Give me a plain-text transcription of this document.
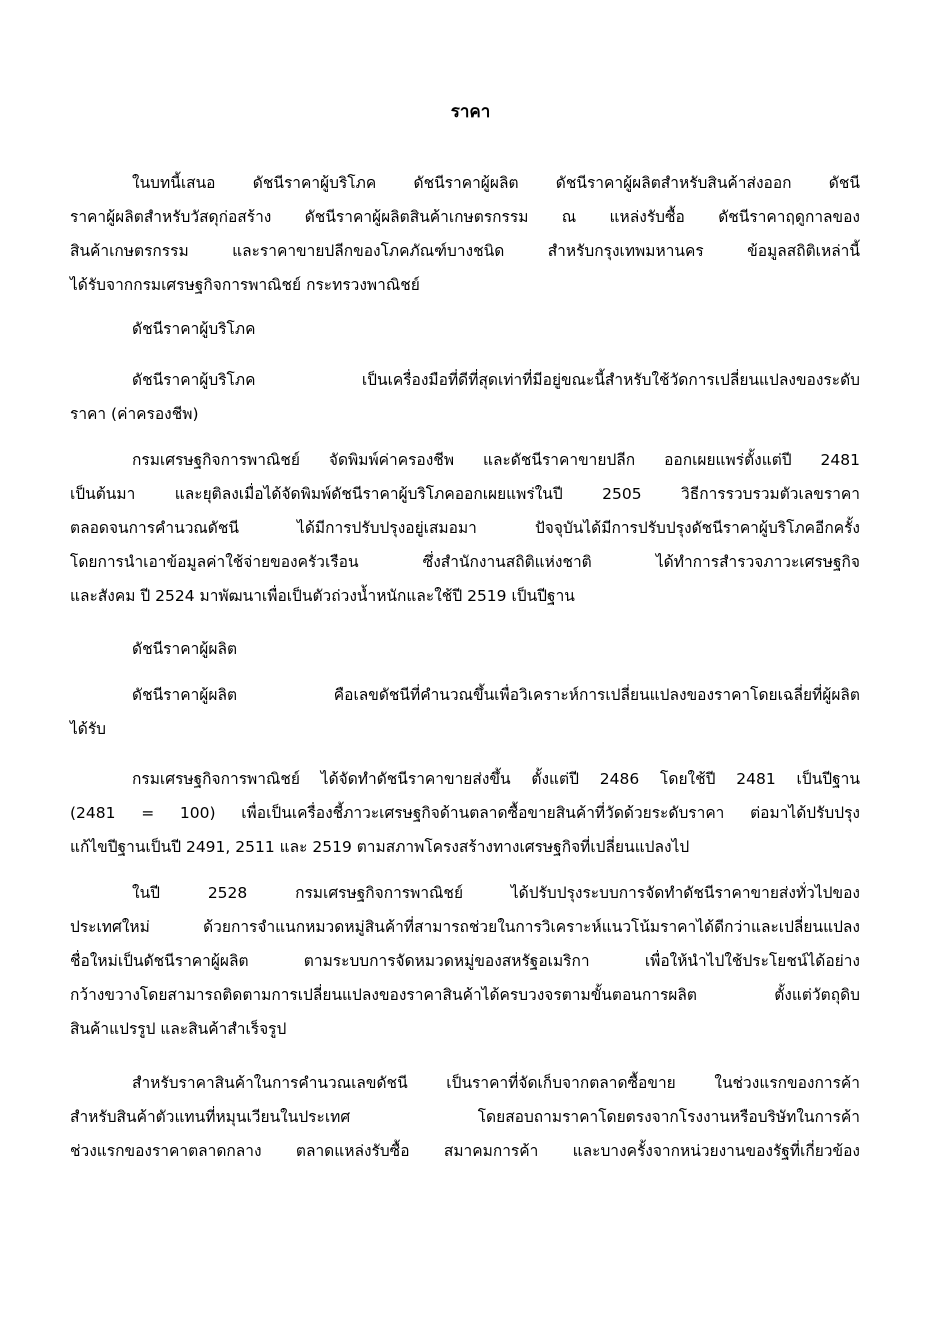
ราคา
ในบทนี้เสนอ ดัชนีราคาผู้บริโภค ดัชนีราคาผู้ผลิต ดัชนีราคาผู้ผลิตสำหรับสินค้าส่งออก ดัชนี
ราคาผู้ผลิตสำหรับวัสดุก่อสร้าง ดัชนีราคาผู้ผลิตสินค้าเกษตรกรรม ณ แหล่งรับซื้อ ดัชนีราคาฤดูกาลของ
สินค้าเกษตรกรรม และราคาขายปลีกของโภคภัณฑ์บางชนิด สำหรับกรุงเทพมหานคร ข้อมูลสถิติเหล่านี้
ได้รับจากกรมเศรษฐกิจการพาณิชย์ กระทรวงพาณิชย์
ดัชนีราคาผู้บริโภค
ดัชนีราคาผู้บริโภค เป็นเครื่องมือที่ดีที่สุดเท่าที่มีอยู่ขณะนี้สำหรับใช้วัดการเปลี่ยนแปลงของระดับ
ราคา (ค่าครองชีพ)
กรมเศรษฐกิจการพาณิชย์ จัดพิมพ์ค่าครองชีพ และดัชนีราคาขายปลีก ออกเผยแพร่ตั้งแต่ปี 2481
เป็นต้นมา และยุติลงเมื่อได้จัดพิมพ์ดัชนีราคาผู้บริโภคออกเผยแพร่ในปี 2505 วิธีการรวบรวมตัวเลขราคา
ตลอดจนการคำนวณดัชนี ได้มีการปรับปรุงอยู่เสมอมา ปัจจุบันได้มีการปรับปรุงดัชนีราคาผู้บริโภคอีกครั้ง
โดยการนำเอาข้อมูลค่าใช้จ่ายของครัวเรือน ซึ่งสำนักงานสถิติแห่งชาติ ได้ทำการสำรวจภาวะเศรษฐกิจ
และสังคม ปี 2524 มาพัฒนาเพื่อเป็นตัวถ่วงน้ำหนักและใช้ปี 2519 เป็นปีฐาน
ดัชนีราคาผู้ผลิต
ดัชนีราคาผู้ผลิต คือเลขดัชนีที่คำนวณขึ้นเพื่อวิเคราะห์การเปลี่ยนแปลงของราคาโดยเฉลี่ยที่ผู้ผลิต
ได้รับ
กรมเศรษฐกิจการพาณิชย์ ได้จัดทำดัชนีราคาขายส่งขึ้น ตั้งแต่ปี 2486 โดยใช้ปี 2481 เป็นปีฐาน
(2481 = 100) เพื่อเป็นเครื่องชี้ภาวะเศรษฐกิจด้านตลาดซื้อขายสินค้าที่วัดด้วยระดับราคา ต่อมาได้ปรับปรุง
แก้ไขปีฐานเป็นปี 2491, 2511 และ 2519 ตามสภาพโครงสร้างทางเศรษฐกิจที่เปลี่ยนแปลงไป
ในปี 2528 กรมเศรษฐกิจการพาณิชย์ ได้ปรับปรุงระบบการจัดทำดัชนีราคาขายส่งทั่วไปของ
ประเทศใหม่ ด้วยการจำแนกหมวดหมู่สินค้าที่สามารถช่วยในการวิเคราะห์แนวโน้มราคาได้ดีกว่าและเปลี่ยนแปลง
ชื่อใหม่เป็นดัชนีราคาผู้ผลิต ตามระบบการจัดหมวดหมู่ของสหรัฐอเมริกา เพื่อให้นำไปใช้ประโยชน์ได้อย่าง
กว้างขวางโดยสามารถติดตามการเปลี่ยนแปลงของราคาสินค้าได้ครบวงจรตามขั้นตอนการผลิต ตั้งแต่วัตถุดิบ
สินค้าแปรรูป และสินค้าสำเร็จรูป
สำหรับราคาสินค้าในการคำนวณเลขดัชนี เป็นราคาที่จัดเก็บจากตลาดซื้อขาย ในช่วงแรกของการค้า
สำหรับสินค้าตัวแทนที่หมุนเวียนในประเทศ โดยสอบถามราคาโดยตรงจากโรงงานหรือบริษัทในการค้า
ช่วงแรกของราคาตลาดกลาง ตลาดแหล่งรับซื้อ สมาคมการค้า และบางครั้งจากหน่วยงานของรัฐที่เกี่ยวข้อง
